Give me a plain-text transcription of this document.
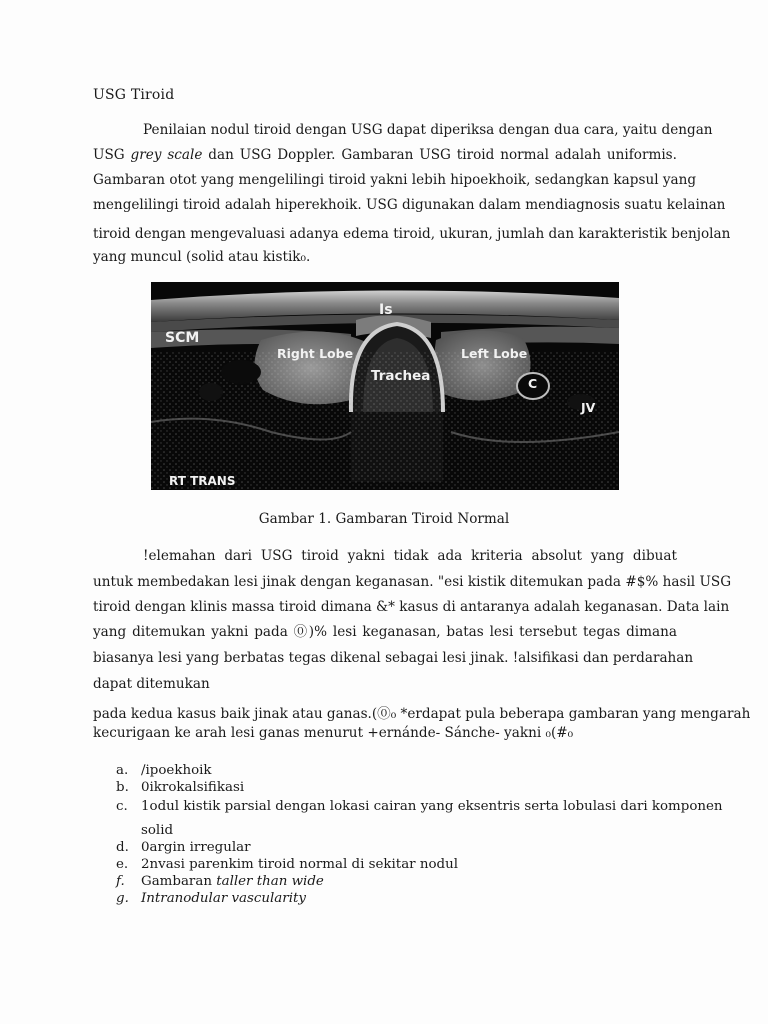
USG Tiroid
Penilaian nodul tiroid dengan USG dapat diperiksa dengan dua cara, yaitu dengan
USG grey scale dan USG Doppler. Gambaran USG tiroid normal adalah uniformis.
Gambaran otot yang mengelilingi tiroid yakni lebih hipoekhoik, sedangkan kapsul yang
mengelilingi tiroid adalah hiperekhoik. USG digunakan dalam mendiagnosis suatu kelainan
tiroid dengan mengevaluasi adanya edema tiroid, ukuran, jumlah dan karakteristik benjolan
yang muncul (solid atau kistik₀.
Is
SCM
Right Lobe	Left Lobe
Trachea	C
JV
RT TRANS
Gambar 1. Gambaran Tiroid Normal
!elemahan dari USG tiroid yakni tidak ada kriteria absolut yang dibuat
untuk membedakan lesi jinak dengan keganasan. "esi kistik ditemukan pada #$% hasil USG
tiroid dengan klinis massa tiroid dimana &* kasus di antaranya adalah keganasan. Data lain
yang ditemukan yakni pada ⓪)% lesi keganasan, batas lesi tersebut tegas dimana
biasanya lesi yang berbatas tegas dikenal sebagai lesi jinak. !alsifikasi dan perdarahan
dapat ditemukan
pada kedua kasus baik jinak atau ganas.(⓪₀ *erdapat pula beberapa gambaran yang mengarah
kecurigaan ke arah lesi ganas menurut +ernánde- Sánche- yakni ₀(#₀
a. ∕ipoekhoik
b. 0ikrokalsifikasi
c. 1odul kistik parsial dengan lokasi cairan yang eksentris serta lobulasi dari komponen
solid
d. 0argin irregular
e. 2nvasi parenkim tiroid normal di sekitar nodul
f. Gambaran taller than wide
g. Intranodular vascularity
